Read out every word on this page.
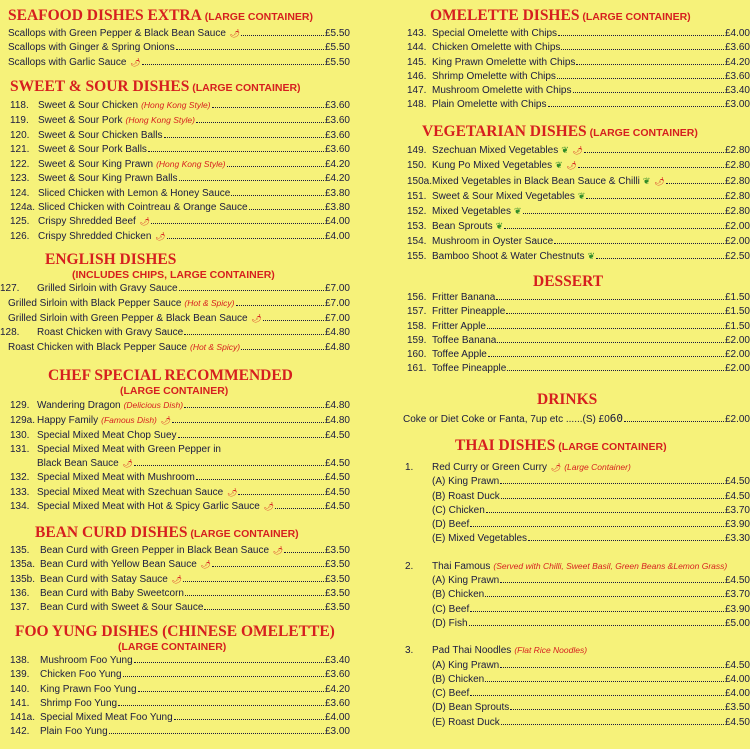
SEAFOOD DISHES EXTRA (LARGE CONTAINER)
Scallops with Green Pepper & Black Bean Sauce 🌶	£5.50
Scallops with Ginger & Spring Onions	£5.50
Scallops with Garlic Sauce 🌶	£5.50
SWEET & SOUR DISHES (LARGE CONTAINER)
118. Sweet & Sour Chicken (Hong Kong Style)	£3.60
119. Sweet & Sour Pork (Hong Kong Style)	£3.60
120. Sweet & Sour Chicken Balls	£3.60
121. Sweet & Sour Pork Balls	£3.60
122. Sweet & Sour King Prawn (Hong Kong Style)	£4.20
123. Sweet & Sour King Prawn Balls	£4.20
124. Sliced Chicken with Lemon & Honey Sauce	£3.80
124a. Sliced Chicken with Cointreau & Orange Sauce	£3.80
125. Crispy Shredded Beef 🌶	£4.00
126. Crispy Shredded Chicken 🌶	£4.00
ENGLISH DISHES
(INCLUDES CHIPS, LARGE CONTAINER)
127.	Grilled Sirloin with Gravy Sauce	£7.00
Grilled Sirloin with Black Pepper Sauce (Hot & Spicy)	£7.00
Grilled Sirloin with Green Pepper & Black Bean Sauce 🌶	£7.00
128.	Roast Chicken with Gravy Sauce	£4.80
Roast Chicken with Black Pepper Sauce (Hot & Spicy)	£4.80
CHEF SPECIAL RECOMMENDED
(LARGE CONTAINER)
129. Wandering Dragon (Delicious Dish)	£4.80
129a. Happy Family (Famous Dish) 🌶	£4.80
130. Special Mixed Meat Chop Suey	£4.50
131. Special Mixed Meat with Green Pepper in
Black Bean Sauce 🌶	£4.50
132. Special Mixed Meat with Mushroom	£4.50
133. Special Mixed Meat with Szechuan Sauce 🌶	£4.50
134. Special Mixed Meat with Hot & Spicy Garlic Sauce 🌶	£4.50
BEAN CURD DISHES (LARGE CONTAINER)
135.	Bean Curd with Green Pepper in Black Bean Sauce 🌶	£3.50
135a. Bean Curd with Yellow Bean Sauce 🌶	£3.50
135b. Bean Curd with Satay Sauce 🌶	£3.50
136.	Bean Curd with Baby Sweetcorn	£3.50
137.	Bean Curd with Sweet & Sour Sauce	£3.50
FOO YUNG DISHES (CHINESE OMELETTE)
(LARGE CONTAINER)
138.	Mushroom Foo Yung	£3.40
139.	Chicken Foo Yung	£3.60
140.	King Prawn Foo Yung	£4.20
141.	Shrimp Foo Yung	£3.60
141a. Special Mixed Meat Foo Yung	£4.00
142.	Plain Foo Yung	£3.00
OMELETTE DISHES (LARGE CONTAINER)
143. Special Omelette with Chips	£4.00
144. Chicken Omelette with Chips	£3.60
145. King Prawn Omelette with Chips	£4.20
146. Shrimp Omelette with Chips	£3.60
147. Mushroom Omelette with Chips	£3.40
148. Plain Omelette with Chips	£3.00
VEGETARIAN DISHES (LARGE CONTAINER)
149. Szechuan Mixed Vegetables ❦ 🌶	£2.80
150. Kung Po Mixed Vegetables ❦ 🌶	£2.80
150a. Mixed Vegetables in Black Bean Sauce & Chilli ❦ 🌶	£2.80
151. Sweet & Sour Mixed Vegetables ❦	£2.80
152. Mixed Vegetables ❦	£2.80
153. Bean Sprouts ❦	£2.00
154. Mushroom in Oyster Sauce	£2.00
155. Bamboo Shoot & Water Chestnuts ❦	£2.50
DESSERT
156. Fritter Banana	£1.50
157. Fritter Pineapple	£1.50
158. Fritter Apple	£1.50
159. Toffee Banana	£2.00
160. Toffee Apple	£2.00
161. Toffee Pineapple	£2.00
DRINKS
Coke or Diet Coke or Fanta, 7up etc ......(S) £0 60	£2.00
THAI DISHES (LARGE CONTAINER)
1.	Red Curry or Green Curry 🌶 (Large Container)
(A) King Prawn	£4.50
(B) Roast Duck	£4.50
(C) Chicken	£3.70
(D) Beef	£3.90
(E) Mixed Vegetables	£3.30
2.	Thai Famous (Served with Chilli, Sweet Basil, Green Beans &Lemon Grass)
(A) King Prawn	£4.50
(B) Chicken	£3.70
(C) Beef	£3.90
(D) Fish	£5.00
3.	Pad Thai Noodles (Flat Rice Noodles)
(A) King Prawn	£4.50
(B) Chicken	£4.00
(C) Beef	£4.00
(D) Bean Sprouts	£3.50
(E) Roast Duck	£4.50
